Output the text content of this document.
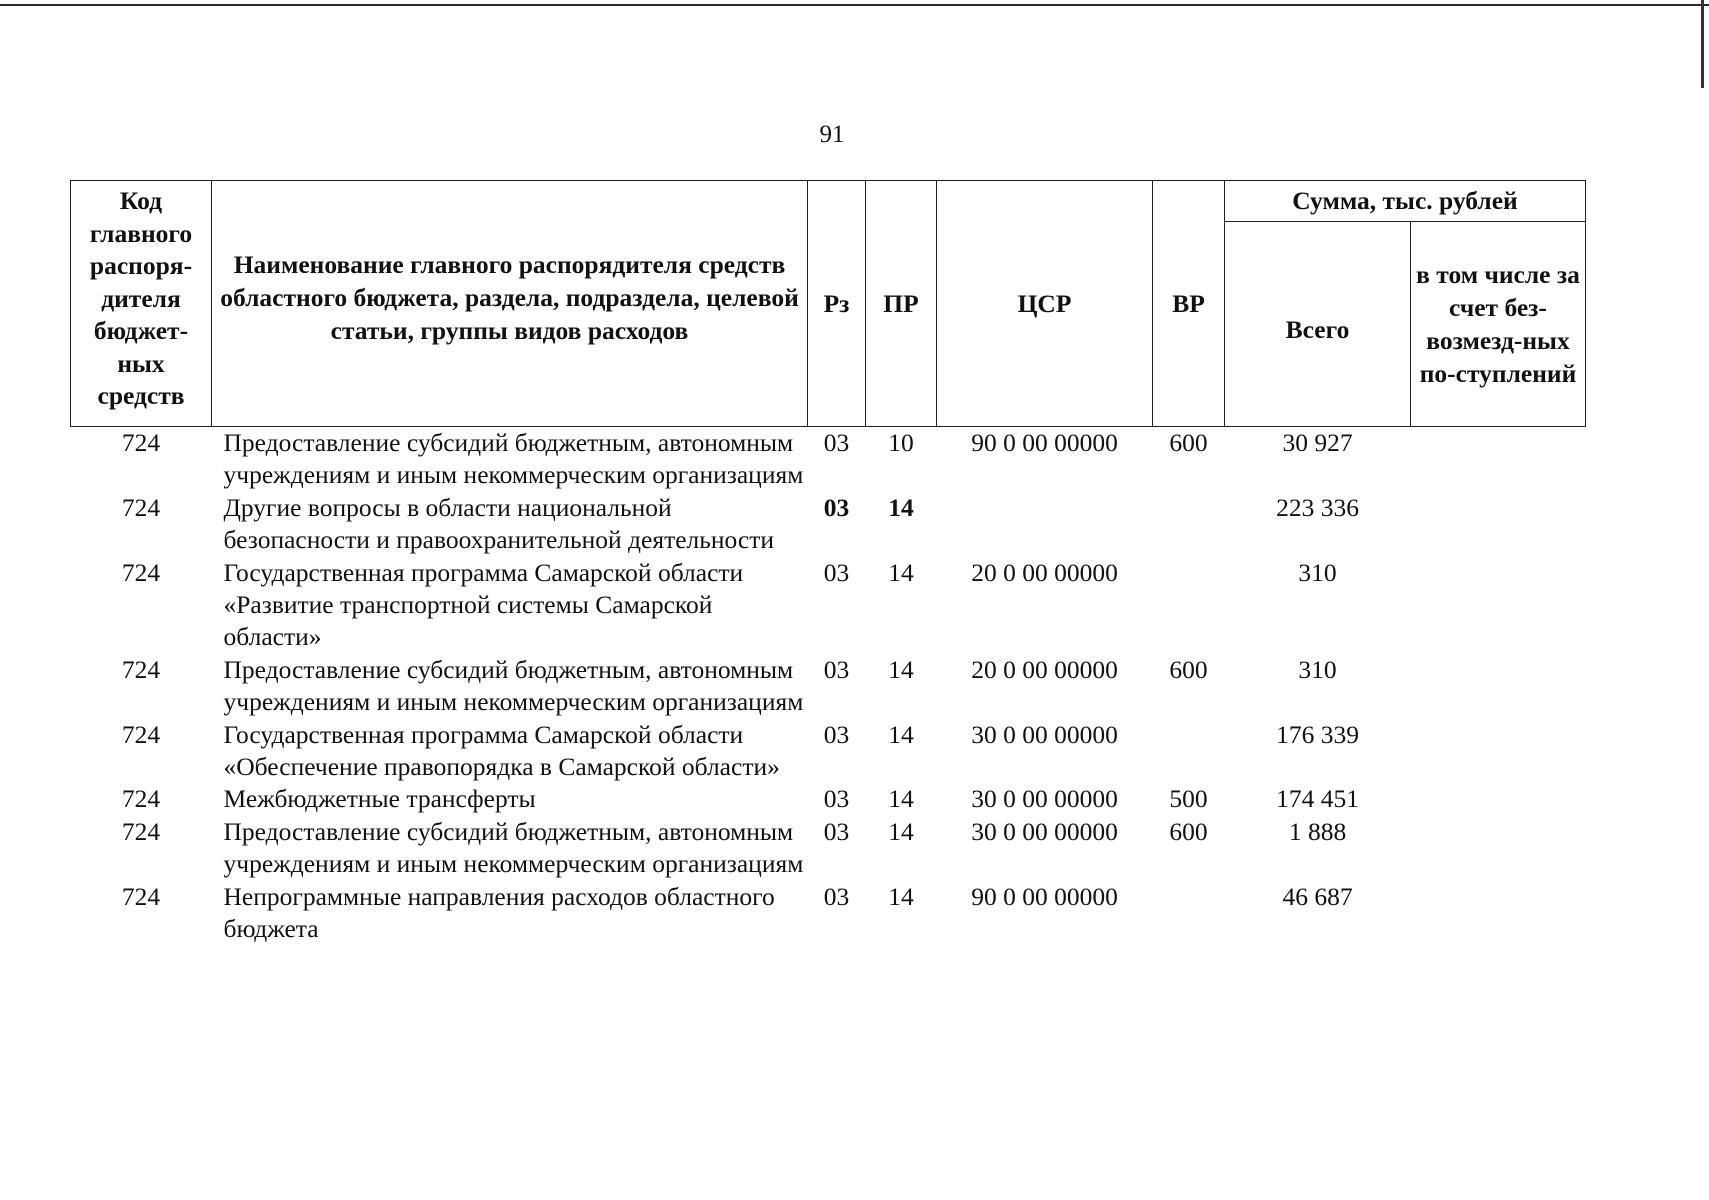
91
Код главного распоря-дителя бюджет-ных средств	Наименование главного распорядителя средств областного бюджета, раздела, подраздела, целевой статьи, группы видов расходов	Рз	ПР	ЦСР	ВР	Сумма, тыс. рублей	
						Всего	в том числе за счет без-возмезд-ных по-ступлений
724	Предоставление субсидий бюджетным, автономным учреждениям и иным некоммерческим организациям	03	10	90 0 00 00000	600	30 927	
724	Другие вопросы в области национальной безопасности и правоохранительной деятельности	03	14			223 336	
724	Государственная программа Самарской области «Развитие транспортной системы Самарской области»	03	14	20 0 00 00000		310	
724	Предоставление субсидий бюджетным, автономным учреждениям и иным некоммерческим организациям	03	14	20 0 00 00000	600	310	
724	Государственная программа Самарской области «Обеспечение правопорядка в Самарской области»	03	14	30 0 00 00000		176 339	
724	Межбюджетные трансферты	03	14	30 0 00 00000	500	174 451	
724	Предоставление субсидий бюджетным, автономным учреждениям и иным некоммерческим организациям	03	14	30 0 00 00000	600	1 888	
724	Непрограммные направления расходов областного бюджета	03	14	90 0 00 00000		46 687	
